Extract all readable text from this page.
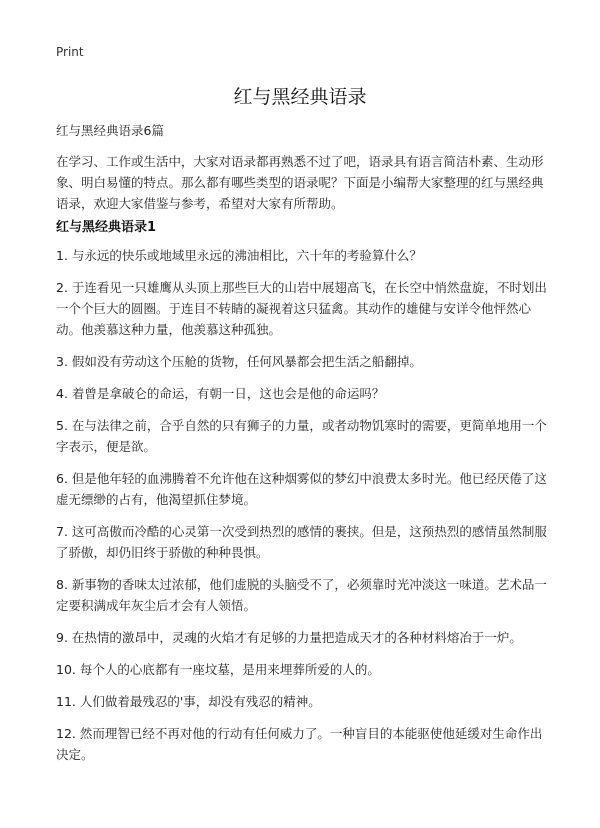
Print
红与黑经典语录
红与黑经典语录6篇

在学习、工作或生活中，大家对语录都再熟悉不过了吧，语录具有语言简洁朴素、生动形象、明白易懂的特点。那么都有哪些类型的语录呢？下面是小编帮大家整理的红与黑经典语录，欢迎大家借鉴与参考，希望对大家有所帮助。

红与黑经典语录1
1. 与永远的快乐或地域里永远的沸油相比，六十年的考验算什么？
2. 于连看见一只雄鹰从头顶上那些巨大的山岩中展翅高飞，在长空中悄然盘旋，不时划出一个个巨大的圆圈。于连目不转睛的凝视着这只猛禽。其动作的雄健与安详令他怦然心动。他羡慕这种力量，他羡慕这种孤独。
3. 假如没有劳动这个压舱的货物，任何风暴都会把生活之船翻掉。
4. 着曾是拿破仑的命运，有朝一日，这也会是他的命运吗？
5. 在与法律之前，合乎自然的只有狮子的力量，或者动物饥寒时的需要，更简单地用一个字表示，便是欲。
6. 但是他年轻的血沸腾着不允许他在这种烟雾似的梦幻中浪费太多时光。他已经厌倦了这虚无缥缈的占有，他渴望抓住梦境。
7. 这可高傲而冷酷的心灵第一次受到热烈的感情的裹挟。但是，这预热烈的感情虽然制服了骄傲，却仍旧终于骄傲的种种畏惧。
8. 新事物的香味太过浓郁，他们虚脱的头脑受不了，必须靠时光冲淡这一味道。艺术品一定要积满成年灰尘后才会有人领悟。
9. 在热情的激昂中，灵魂的火焰才有足够的力量把造成天才的各种材料熔冶于一炉。
10. 每个人的心底都有一座坟墓，是用来埋葬所爱的人的。
11. 人们做着最残忍的'事，却没有残忍的精神。
12. 然而理智已经不再对他的行动有任何威力了。一种盲目的本能驱使他延缓对生命作出决定。
